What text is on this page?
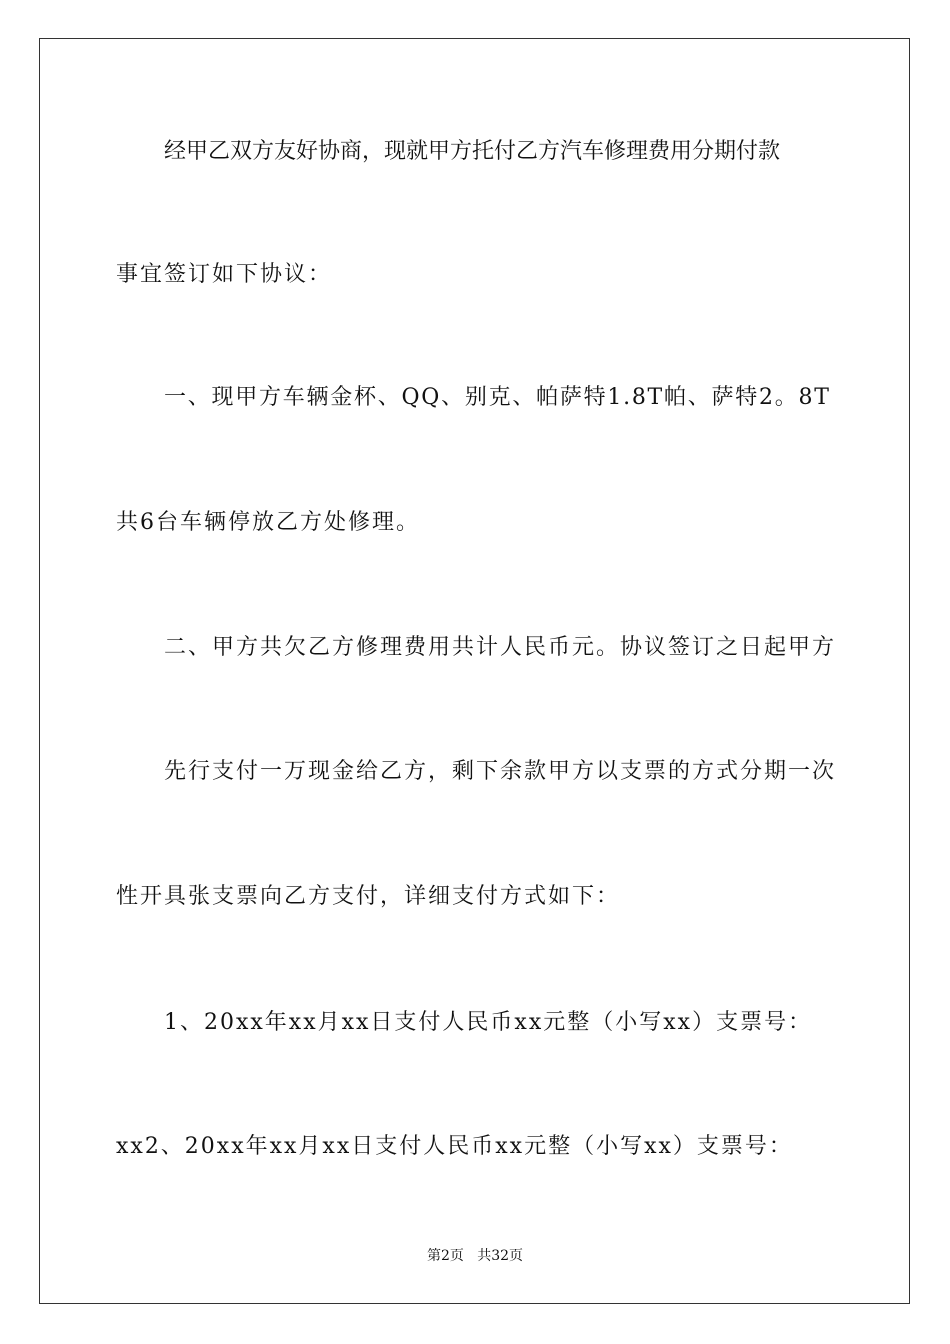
经甲乙双方友好协商，现就甲方托付乙方汽车修理费用分期付款
事宜签订如下协议：
一、现甲方车辆金杯、QQ、别克、帕萨特1.8T帕、萨特2。8T
共6台车辆停放乙方处修理。
二、甲方共欠乙方修理费用共计人民币元。协议签订之日起甲方
先行支付一万现金给乙方，剩下余款甲方以支票的方式分期一次
性开具张支票向乙方支付，详细支付方式如下：
1、20xx年xx月xx日支付人民币xx元整（小写xx）支票号：
xx2、20xx年xx月xx日支付人民币xx元整（小写xx）支票号：
第2页   共32页
